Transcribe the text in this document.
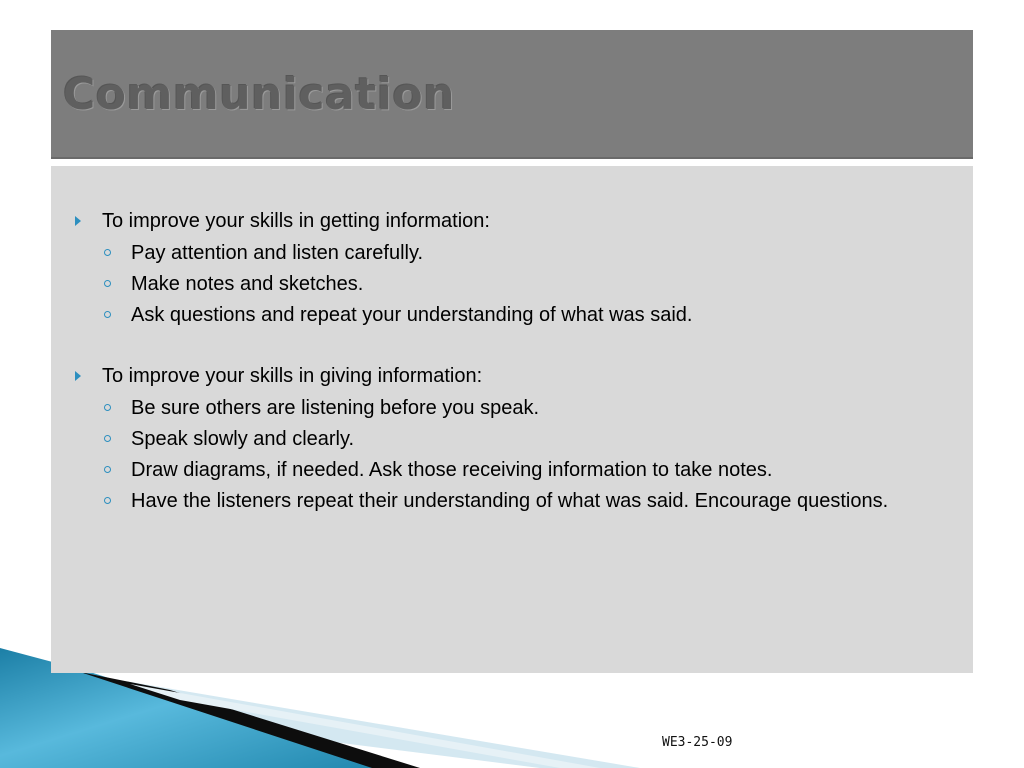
Communication
To improve your skills in getting information:
Pay attention and listen carefully.
Make notes and sketches.
Ask questions and repeat your understanding of what was said.
To improve your skills in giving information:
Be sure others are listening before you speak.
Speak slowly and clearly.
Draw diagrams, if needed. Ask those receiving information to take notes.
Have the listeners repeat their understanding of what was said. Encourage questions.
WE3-25-09
